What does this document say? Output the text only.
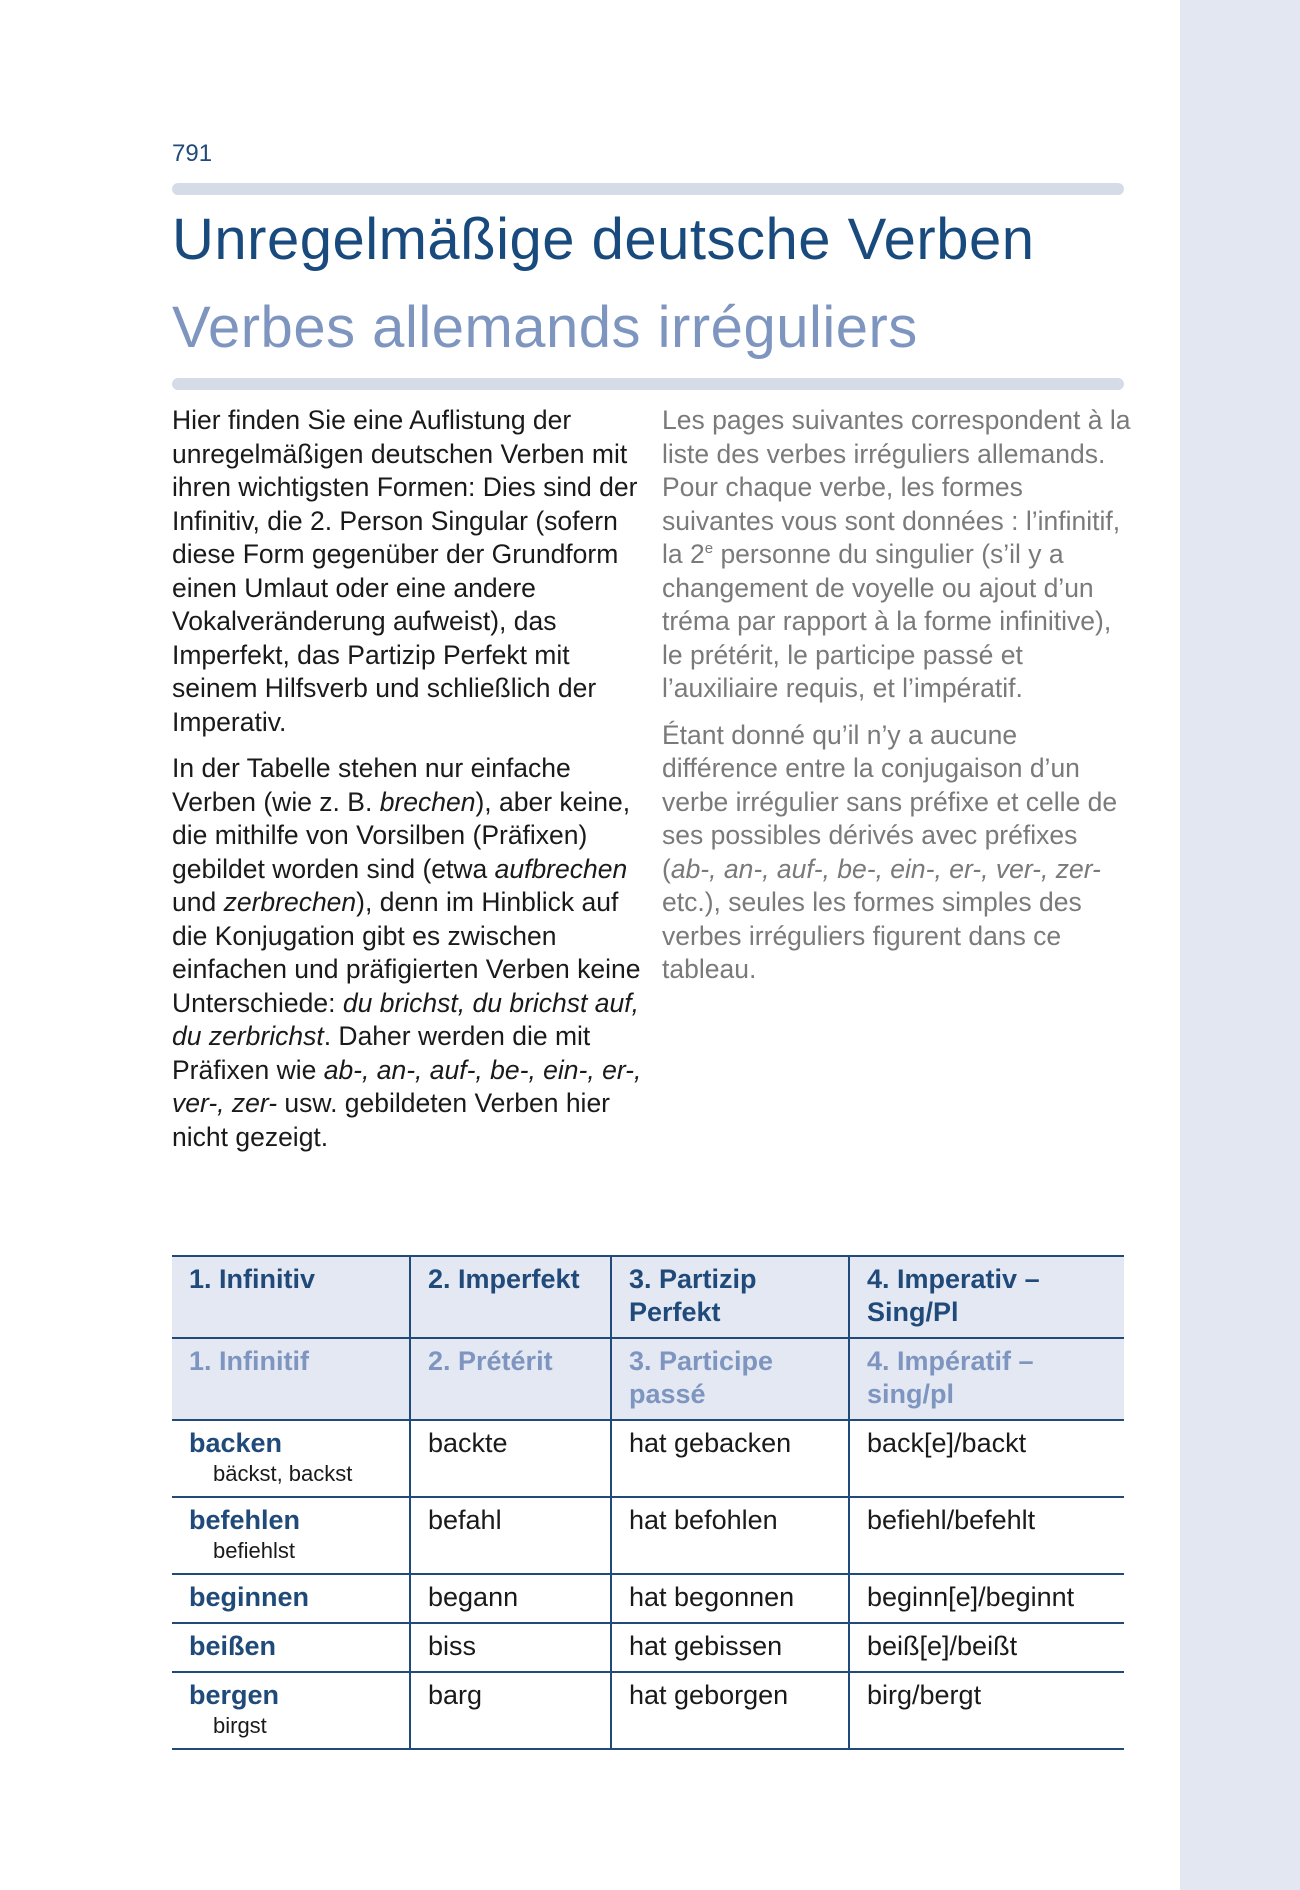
791
Unregelmäßige deutsche Verben
Verbes allemands irréguliers

Hier finden Sie eine Auflistung der unregelmäßigen deutschen Verben mit ihren wichtigsten Formen: Dies sind der Infinitiv, die 2. Person Singular (sofern diese Form gegenüber der Grundform einen Umlaut oder eine andere Vokalveränderung aufweist), das Imperfekt, das Partizip Perfekt mit seinem Hilfsverb und schließlich der Imperativ.

In der Tabelle stehen nur einfache Verben (wie z. B. brechen), aber keine, die mithilfe von Vorsilben (Präfixen) gebildet worden sind (etwa aufbrechen und zerbrechen), denn im Hinblick auf die Konjugation gibt es zwischen einfachen und präfigierten Verben keine Unterschiede: du brichst, du brichst auf, du zerbrichst. Daher werden die mit Präfixen wie ab-, an-, auf-, be-, ein-, er-, ver-, zer- usw. gebildeten Verben hier nicht gezeigt.

Les pages suivantes correspondent à la liste des verbes irréguliers allemands. Pour chaque verbe, les formes suivantes vous sont données : l’infinitif, la 2e personne du singulier (s’il y a changement de voyelle ou ajout d’un tréma par rapport à la forme infinitive), le prétérit, le participe passé et l’auxiliaire requis, et l’impératif.

Étant donné qu’il n’y a aucune différence entre la conjugaison d’un verbe irrégulier sans préfixe et celle de ses possibles dérivés avec préfixes (ab-, an-, auf-, be-, ein-, er-, ver-, zer- etc.), seules les formes simples des verbes irréguliers figurent dans ce tableau.

1. Infinitiv	2. Imperfekt	3. Partizip Perfekt	4. Imperativ – Sing/Pl
1. Infinitif	2. Prétérit	3. Participe passé	4. Impératif – sing/pl

backen
bäckst, backst	backte	hat gebacken	back[e]/backt

befehlen
befiehlst	befahl	hat befohlen	befiehl/befehlt

beginnen	begann	hat begonnen	beginn[e]/beginnt

beißen	biss	hat gebissen	beiß[e]/beißt

bergen
birgst	barg	hat geborgen	birg/bergt
